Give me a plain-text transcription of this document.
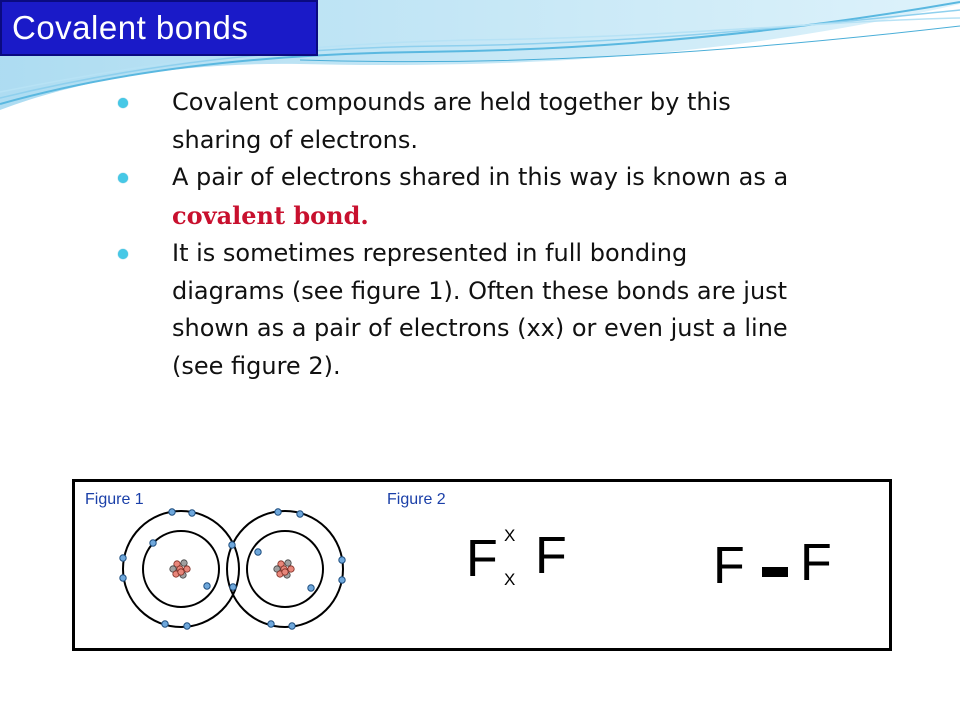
Covalent bonds
Covalent compounds are held together by this sharing of electrons.
A pair of electrons shared in this way is known as a covalent bond.
It is sometimes represented in full bonding diagrams (see figure 1). Often these bonds are just shown as a pair of electrons (xx) or even just a line (see figure 2).
Figure 1	Figure 2
F X
X F	F F
